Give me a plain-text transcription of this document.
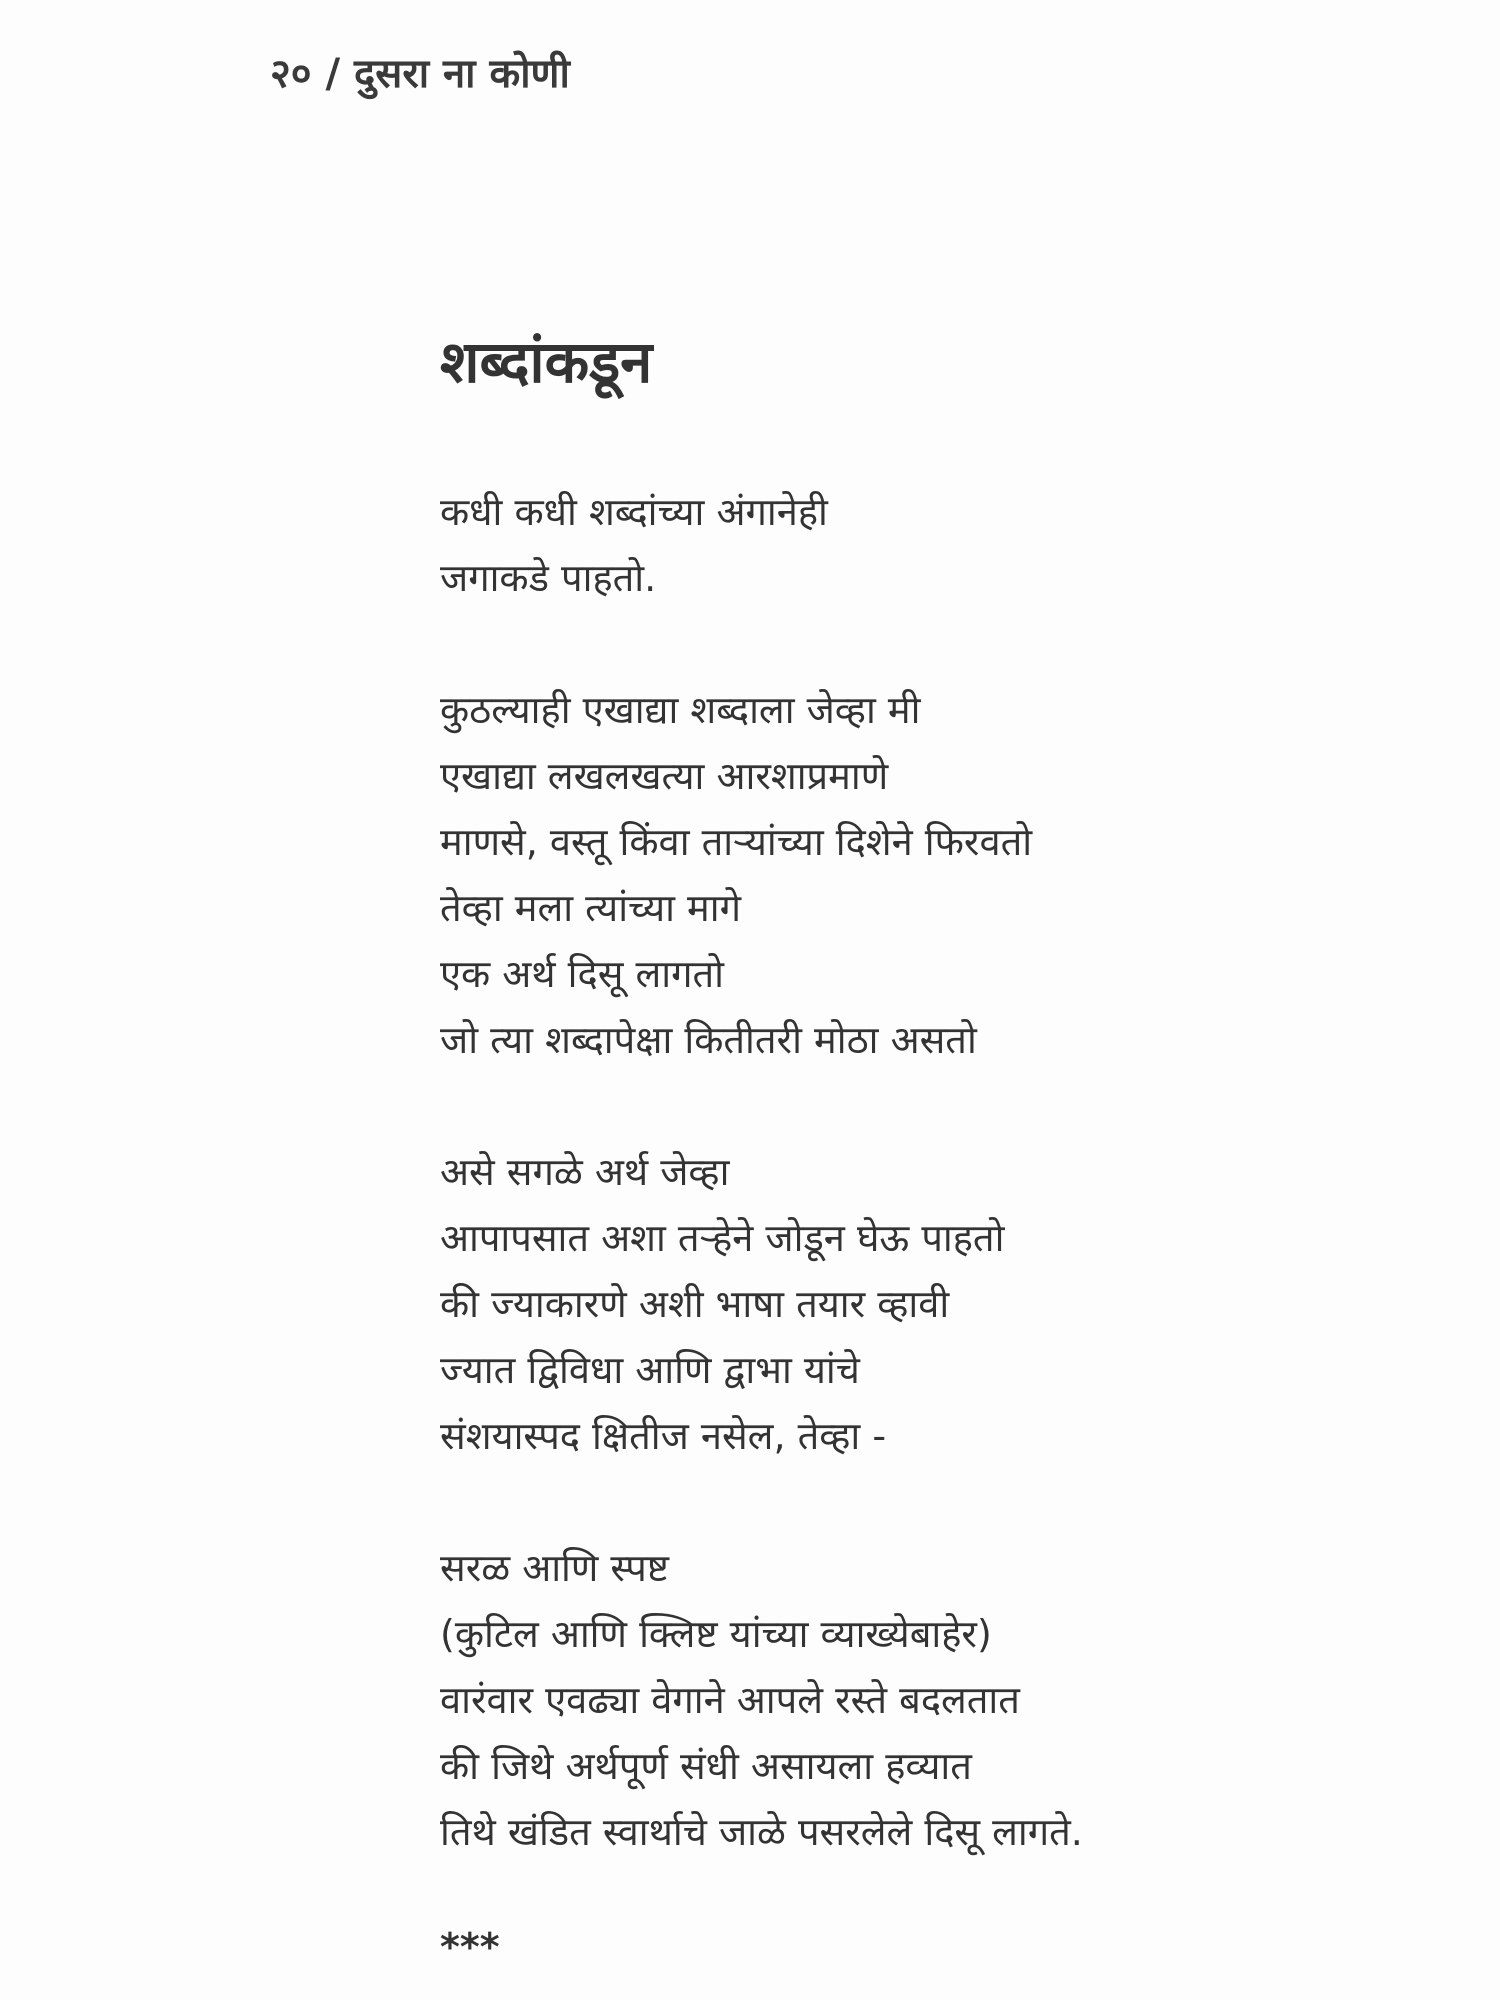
२० / दुसरा ना कोणी
शब्दांकडून
कधी कधी शब्दांच्या अंगानेही
जगाकडे पाहतो.
कुठल्याही एखाद्या शब्दाला जेव्हा मी
एखाद्या लखलखत्या आरशाप्रमाणे
माणसे, वस्तू किंवा ताऱ्यांच्या दिशेने फिरवतो
तेव्हा मला त्यांच्या मागे
एक अर्थ दिसू लागतो
जो त्या शब्दापेक्षा कितीतरी मोठा असतो
असे सगळे अर्थ जेव्हा
आपापसात अशा तऱ्हेने जोडून घेऊ पाहतो
की ज्याकारणे अशी भाषा तयार व्हावी
ज्यात द्विविधा आणि द्वाभा यांचे
संशयास्पद क्षितीज नसेल, तेव्हा -
सरळ आणि स्पष्ट
(कुटिल आणि क्लिष्ट यांच्या व्याख्येबाहेर)
वारंवार एवढ्या वेगाने आपले रस्ते बदलतात
की जिथे अर्थपूर्ण संधी असायला हव्यात
तिथे खंडित स्वार्थाचे जाळे पसरलेले दिसू लागते.
***
